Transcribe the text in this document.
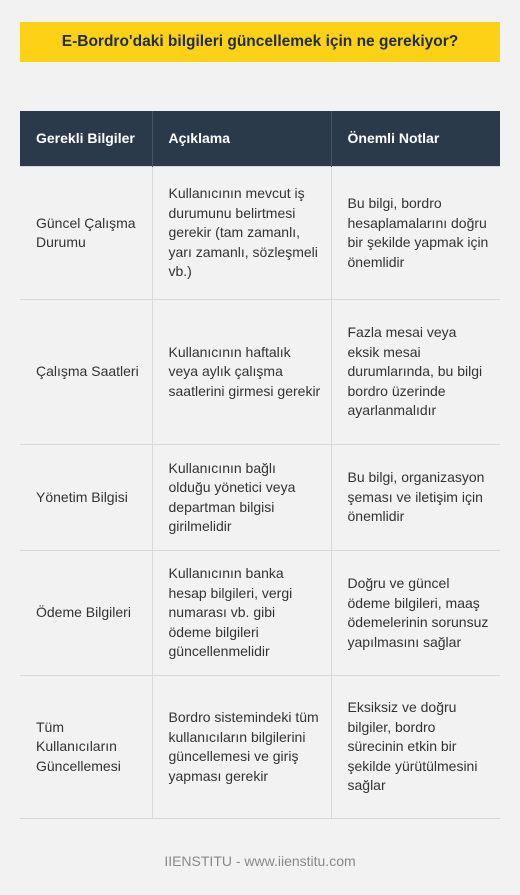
E-Bordro'daki bilgileri güncellemek için ne gerekiyor?
Gerekli Bilgiler	Açıklama	Önemli Notlar
Güncel Çalışma Durumu	Kullanıcının mevcut iş durumunu belirtmesi gerekir (tam zamanlı, yarı zamanlı, sözleşmeli vb.)	Bu bilgi, bordro hesaplamalarını doğru bir şekilde yapmak için önemlidir
Çalışma Saatleri	Kullanıcının haftalık veya aylık çalışma saatlerini girmesi gerekir	Fazla mesai veya eksik mesai durumlarında, bu bilgi bordro üzerinde ayarlanmalıdır
Yönetim Bilgisi	Kullanıcının bağlı olduğu yönetici veya departman bilgisi girilmelidir	Bu bilgi, organizasyon şeması ve iletişim için önemlidir
Ödeme Bilgileri	Kullanıcının banka hesap bilgileri, vergi numarası vb. gibi ödeme bilgileri güncellenmelidir	Doğru ve güncel ödeme bilgileri, maaş ödemelerinin sorunsuz yapılmasını sağlar
Tüm Kullanıcıların Güncellemesi	Bordro sistemindeki tüm kullanıcıların bilgilerini güncellemesi ve giriş yapması gerekir	Eksiksiz ve doğru bilgiler, bordro sürecinin etkin bir şekilde yürütülmesini sağlar
IIENSTITU - www.iienstitu.com
